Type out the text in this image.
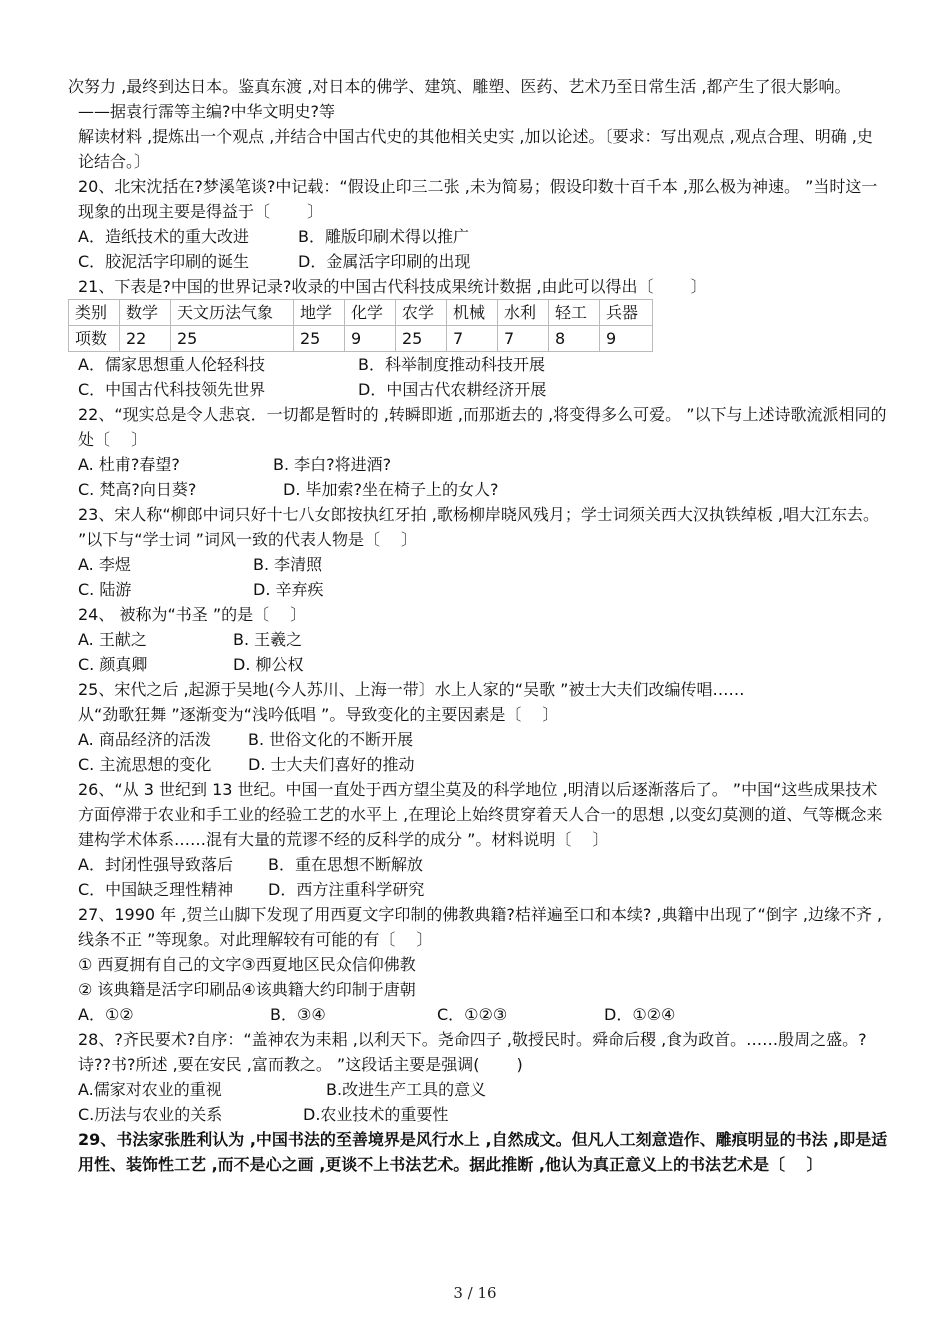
次努力 ,最终到达日本。鉴真东渡 ,对日本的佛学、建筑、雕塑、医药、艺术乃至日常生活 ,都产生了很大影响。

——据袁行霈等主编?中华文明史?等

解读材料 ,提炼出一个观点 ,并结合中国古代史的其他相关史实 ,加以论述。〔要求：写出观点 ,观点合理、明确 ,史论结合。〕

20、北宋沈括在?梦溪笔谈?中记载：“假设止印三二张 ,未为简易；假设印数十百千本 ,那么极为神速。 ”当时这一现象的出现主要是得益于〔 　　〕

A．造纸技术的重大改进	B．雕版印刷术得以推广
C．胶泥活字印刷的诞生	D．金属活字印刷的出现

21、下表是?中国的世界记录?收录的中国古代科技成果统计数据 ,由此可以得出〔 　　〕

类别	数学	天文历法气象	地学	化学	农学	机械	水利	轻工	兵器
项数	22	25	25	9	25	7	7	8	9
A．儒家思想重人伦轻科技	B．科举制度推动科技开展
C．中国古代科技领先世界	D．中国古代农耕经济开展

22、“现实总是令人悲哀．一切都是暂时的 ,转瞬即逝 ,而那逝去的 ,将变得多么可爱。 ”以下与上述诗歌流派相同的处〔 　〕

A. 杜甫?春望?	B. 李白?将进酒?
C. 梵高?向日葵?	D. 毕加索?坐在椅子上的女人?

23、宋人称“柳郎中词只好十七八女郎按执红牙拍 ,歌杨柳岸晓风残月；学士词须关西大汉执铁绰板 ,唱大江东去。 ”以下与“学士词 ”词风一致的代表人物是〔 　〕

A. 李煜	B. 李清照
C. 陆游	D. 辛弃疾

24、 被称为“书圣 ”的是〔 　〕

A. 王献之	B. 王羲之
C. 颜真卿	D. 柳公权

25、宋代之后 ,起源于吴地(今人苏川、上海一带〕水上人家的“吴歌 ”被士大夫们改编传唱……

从“劲歌狂舞 ”逐渐变为“浅吟低唱 ”。导致变化的主要因素是〔 　〕

A. 商品经济的活泼	B. 世俗文化的不断开展
C. 主流思想的变化	D. 士大夫们喜好的推动

26、“从 3 世纪到 13 世纪。中国一直处于西方望尘莫及的科学地位 ,明清以后逐渐落后了。 ”中国“这些成果技术方面停滞于农业和手工业的经验工艺的水平上 ,在理论上始终贯穿着天人合一的思想 ,以变幻莫测的道、气等概念来建构学术体系……混有大量的荒谬不经的反科学的成分 ”。材料说明〔 　〕

A．封闭性强导致落后	B．重在思想不断解放
C．中国缺乏理性精神	D．西方注重科学研究

27、1990 年 ,贺兰山脚下发现了用西夏文字印制的佛教典籍?桔祥遍至口和本续? ,典籍中出现了“倒字 ,边缘不齐 ,线条不正 ”等现象。对此理解较有可能的有〔 　〕

① 西夏拥有自己的文字③西夏地区民众信仰佛教

② 该典籍是活字印刷品④该典籍大约印制于唐朝

A．①②	B．③④	C．①②③	D．①②④

28、?齐民要术?自序：“盖神农为耒耜 ,以利天下。尧命四子 ,敬授民时。舜命后稷 ,食为政首。……殷周之盛。?诗??书?所述 ,要在安民 ,富而教之。 ”这段话主要是强调( 　　)

A.儒家对农业的重视	B.改进生产工具的意义
C.历法与农业的关系	D.农业技术的重要性

29、书法家张胜利认为 ,中国书法的至善境界是风行水上 ,自然成文。但凡人工刻意造作、雕痕明显的书法 ,即是适用性、装饰性工艺 ,而不是心之画 ,更谈不上书法艺术。据此推断 ,他认为真正意义上的书法艺术是〔 　〕

3 / 16
